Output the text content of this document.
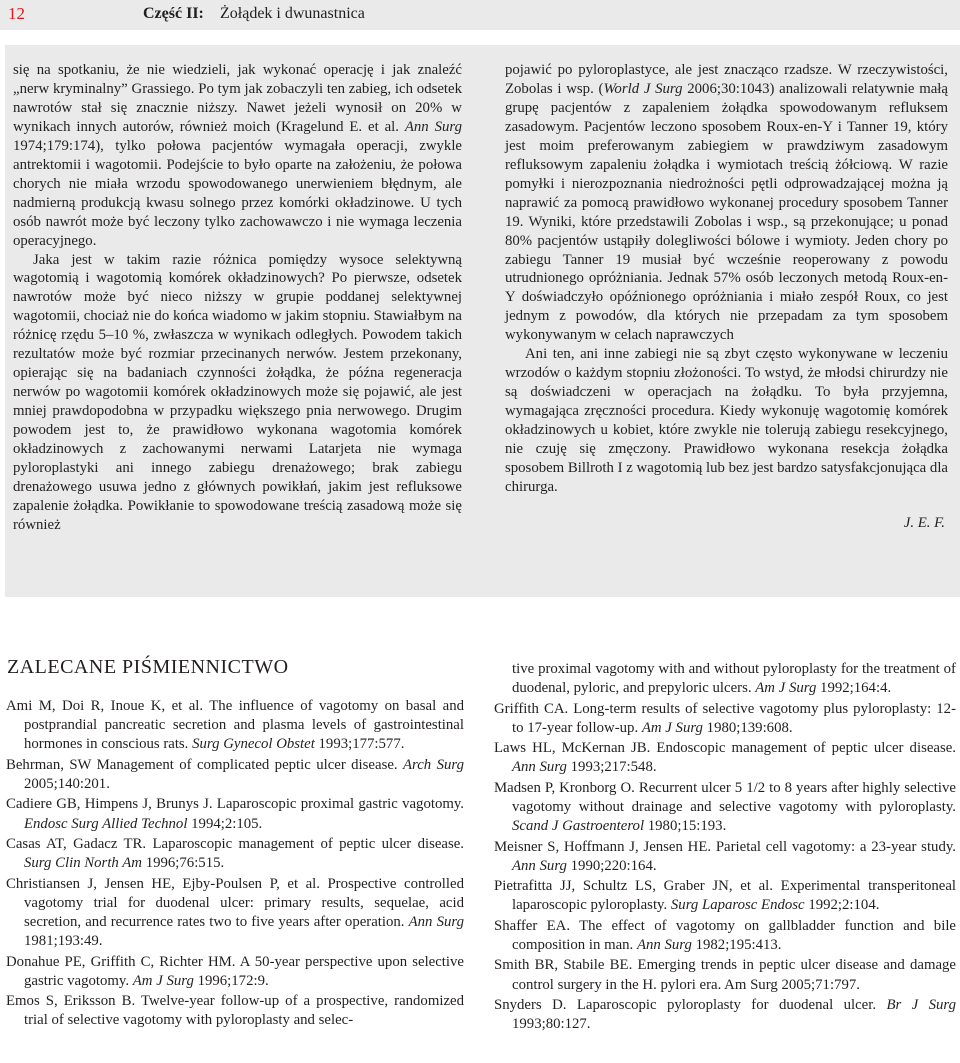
12	Część II: Żołądek i dwunastnica

się na spotkaniu, że nie wiedzieli, jak wykonać operację i jak znaleźć „nerw kryminalny” Grassiego. Po tym jak zobaczyli ten zabieg, ich odsetek nawrotów stał się znacznie niższy. Nawet jeżeli wynosił on 20% w wynikach innych autorów, również moich (Kragelund E. et al. Ann Surg 1974;179:174), tylko połowa pacjentów wymagała operacji, zwykle antrektomii i wagotomii. Podejście to było oparte na założeniu, że połowa chorych nie miała wrzodu spowodowanego unerwieniem błędnym, ale nadmierną produkcją kwasu solnego przez komórki okładzinowe. U tych osób nawrót może być leczony tylko zachowawczo i nie wymaga leczenia operacyjnego.

Jaka jest w takim razie różnica pomiędzy wysoce selektywną wagotomią i wagotomią komórek okładzinowych? Po pierwsze, odsetek nawrotów może być nieco niższy w grupie poddanej selektywnej wagotomii, chociaż nie do końca wiadomo w jakim stopniu. Stawiałbym na różnicę rzędu 5–10 %, zwłaszcza w wynikach odległych. Powodem takich rezultatów może być rozmiar przecinanych nerwów. Jestem przekonany, opierając się na badaniach czynności żołądka, że późna regeneracja nerwów po wagotomii komórek okładzinowych może się pojawić, ale jest mniej prawdopodobna w przypadku większego pnia nerwowego. Drugim powodem jest to, że prawidłowo wykonana wagotomia komórek okładzinowych z zachowanymi nerwami Latarjeta nie wymaga pyloroplastyki ani innego zabiegu drenażowego; brak zabiegu drenażowego usuwa jedno z głównych powikłań, jakim jest refluksowe zapalenie żołądka. Powikłanie to spowodowane treścią zasadową może się również

pojawić po pyloroplastyce, ale jest znacząco rzadsze. W rzeczywistości, Zobolas i wsp. (World J Surg 2006;30:1043) analizowali relatywnie małą grupę pacjentów z zapaleniem żołądka spowodowanym refluksem zasadowym. Pacjentów leczono sposobem Roux-en-Y i Tanner 19, który jest moim preferowanym zabiegiem w prawdziwym zasadowym refluksowym zapaleniu żołądka i wymiotach treścią żółciową. W razie pomyłki i nierozpoznania niedrożności pętli odprowadzającej można ją naprawić za pomocą prawidłowo wykonanej procedury sposobem Tanner 19. Wyniki, które przedstawili Zobolas i wsp., są przekonujące; u ponad 80% pacjentów ustąpiły dolegliwości bólowe i wymioty. Jeden chory po zabiegu Tanner 19 musiał być wcześnie reoperowany z powodu utrudnionego opróżniania. Jednak 57% osób leczonych metodą Roux-en-Y doświadczyło opóźnionego opróżniania i miało zespół Roux, co jest jednym z powodów, dla których nie przepadam za tym sposobem wykonywanym w celach naprawczych

Ani ten, ani inne zabiegi nie są zbyt często wykonywane w leczeniu wrzodów o każdym stopniu złożoności. To wstyd, że młodsi chirurdzy nie są doświadczeni w operacjach na żołądku. To była przyjemna, wymagająca zręczności procedura. Kiedy wykonuję wagotomię komórek okładzinowych u kobiet, które zwykle nie tolerują zabiegu resekcyjnego, nie czuję się zmęczony. Prawidłowo wykonana resekcja żołądka sposobem Billroth I z wagotomią lub bez jest bardzo satysfakcjonująca dla chirurga.

J. E. F.

ZALECANE PIŚMIENNICTWO
Ami M, Doi R, Inoue K, et al. The influence of vagotomy on basal and postprandial pancreatic secretion and plasma levels of gastrointestinal hormones in conscious rats. Surg Gynecol Obstet 1993;177:577.
Behrman, SW Management of complicated peptic ulcer disease. Arch Surg 2005;140:201.
Cadiere GB, Himpens J, Brunys J. Laparoscopic proximal gastric vagotomy. Endosc Surg Allied Technol 1994;2:105.
Casas AT, Gadacz TR. Laparoscopic management of peptic ulcer disease. Surg Clin North Am 1996;76:515.
Christiansen J, Jensen HE, Ejby-Poulsen P, et al. Prospective controlled vagotomy trial for duodenal ulcer: primary results, sequelae, acid secretion, and recurrence rates two to five years after operation. Ann Surg 1981;193:49.
Donahue PE, Griffith C, Richter HM. A 50-year perspective upon selective gastric vagotomy. Am J Surg 1996;172:9.
Emos S, Eriksson B. Twelve-year follow-up of a prospective, randomized trial of selective vagotomy with pyloroplasty and selec-
tive proximal vagotomy with and without pyloroplasty for the treatment of duodenal, pyloric, and prepyloric ulcers. Am J Surg 1992;164:4.
Griffith CA. Long-term results of selective vagotomy plus pyloroplasty: 12- to 17-year follow-up. Am J Surg 1980;139:608.
Laws HL, McKernan JB. Endoscopic management of peptic ulcer disease. Ann Surg 1993;217:548.
Madsen P, Kronborg O. Recurrent ulcer 5 1/2 to 8 years after highly selective vagotomy without drainage and selective vagotomy with pyloroplasty. Scand J Gastroenterol 1980;15:193.
Meisner S, Hoffmann J, Jensen HE. Parietal cell vagotomy: a 23-year study. Ann Surg 1990;220:164.
Pietrafitta JJ, Schultz LS, Graber JN, et al. Experimental transperitoneal laparoscopic pyloroplasty. Surg Laparosc Endosc 1992;2:104.
Shaffer EA. The effect of vagotomy on gallbladder function and bile composition in man. Ann Surg 1982;195:413.
Smith BR, Stabile BE. Emerging trends in peptic ulcer disease and damage control surgery in the H. pylori era. Am Surg 2005;71:797.
Snyders D. Laparoscopic pyloroplasty for duodenal ulcer. Br J Surg 1993;80:127.
